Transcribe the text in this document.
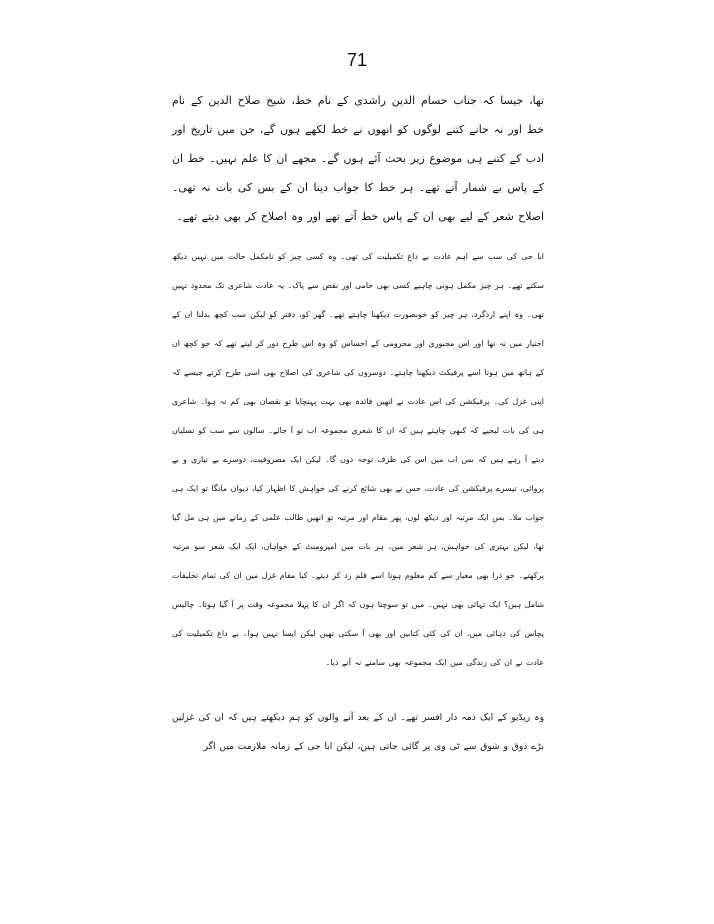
71

تھا، جیسا کہ جناب حسام الدین راشدی کے نام خط، شیخ صلاح الدین کے نام خط اور نہ جانے کتنے لوگوں کو انھوں نے خط لکھے ہوں گے، جن میں تاریخ اور ادب کے کتنے ہی موضوع زیر بحث آئے ہوں گے۔ مجھے ان کا علم نہیں۔ خط ان کے پاس بے شمار آتے تھے۔ ہر خط کا جواب دینا ان کے بس کی بات نہ تھی۔ اصلاح شعر کے لیے بھی ان کے پاس خط آتے تھے اور وہ اصلاح کر بھی دیتے تھے۔

ابا جی کی سب سے اہم عادت بے داغ تکمیلیت کی تھی۔ وہ کسی چیز کو نامکمل حالت میں نہیں دیکھ سکتے تھے۔ ہر چیز مکمل ہونی چاہیے کسی بھی خامی اور نقص سے پاک۔ یہ عادت شاعری تک محدود نہیں تھی۔ وہ اپنے اردگرد، ہر چیز کو خوبصورت دیکھنا چاہتے تھے۔ گھر کو، دفتر کو لیکن سب کچھ بدلنا ان کے اختیار میں نہ تھا اور اس مجبوری اور محرومی کے احساس کو وہ اس طرح دور کر لیتے تھے کہ جو کچھ ان کے ہاتھ میں ہوتا اسے پرفیکٹ دیکھنا چاہتے۔ دوسروں کی شاعری کی اصلاح بھی اسی طرح کرتے جیسے کہ اپنی غزل کی۔ پرفیکشن کی اس عادت نے انھیں فائدہ بھی بہت پہنچایا تو نقصان بھی کم نہ ہوا۔ شاعری ہی کی بات لیجیے کہ کبھی چاہتے ہیں کہ ان کا شعری مجموعہ اب تو آ جائے۔ سالوں سے سب کو تسلیاں دیتے آ رہے ہیں کہ بس اب میں اس کی طرف توجہ دوں گا۔ لیکن ایک مصروفیت، دوسرے بے نیازی و بے پروائی، تیسرے پرفیکشن کی عادت، جس نے بھی شائع کرنے کی خواہش کا اظہار کیا، دیوان مانگا تو ایک ہی جواب ملا۔ بس ایک مرتبہ اور دیکھ لوں، پھر مقام اور مرتبہ تو انھیں طالب علمی کے زمانے میں ہی مل گیا تھا، لیکن بہتری کی خواہش، ہر شعر میں، ہر بات میں امپرومنٹ کے خواہاں، ایک ایک شعر سو مرتبہ پرکھتے۔ جو ذرا بھی معیار سے کم معلوم ہوتا اسے قلم زد کر دیتے۔ کیا مقام غزل میں ان کی تمام تخلیقات شامل ہیں؟ ایک تہائی بھی نہیں۔ میں تو سوچتا ہوں کہ اگر ان کا پہلا مجموعہ وقت پر آ گیا ہوتا۔ چالیس پچاس کی دہائی میں، ان کی کئی کتابیں اور بھی آ سکتی تھیں لیکن ایسا نہیں ہوا۔ بے داغ تکمیلیت کی عادت نے ان کی زندگی میں ایک مجموعہ بھی سامنے نہ آنے دیا۔

وہ ریڈیو کے ایک ذمہ دار افسر تھے۔ ان کے بعد آنے والوں کو ہم دیکھتے ہیں کہ ان کی غزلیں بڑے ذوق و شوق سے ٹی وی پر گائی جاتی ہیں، لیکن ابا جی کے زمانہ ملازمت میں اگر
